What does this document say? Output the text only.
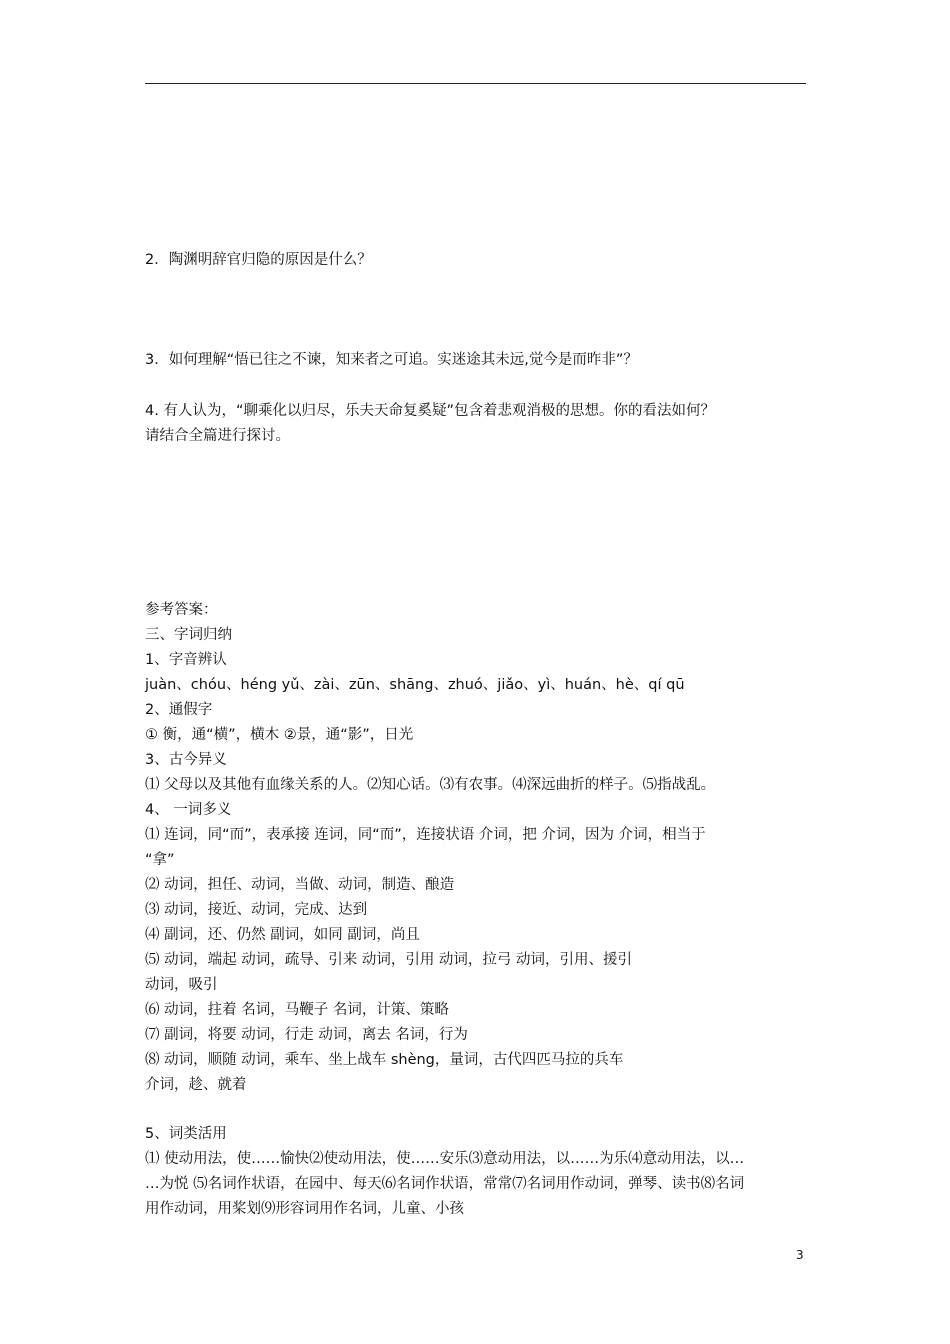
2．陶渊明辞官归隐的原因是什么？
3．如何理解“悟已往之不谏，知来者之可追。实迷途其未远,觉今是而昨非”？
4. 有人认为，“聊乘化以归尽，乐夫天命复奚疑”包含着悲观消极的思想。你的看法如何？
请结合全篇进行探讨。
参考答案：
三、字词归纳
1、字音辨认
juàn、chóu、héng yǔ、zài、zūn、shāng、zhuó、jiǎo、yì、huán、hè、qí qū
2、通假字
① 衡，通“横”，横木 ②景，通“影”，日光
3、古今异义
⑴ 父母以及其他有血缘关系的人。⑵知心话。⑶有农事。⑷深远曲折的样子。⑸指战乱。
4、 一词多义
⑴ 连词，同“而”，表承接 连词，同“而”，连接状语 介词，把 介词，因为 介词，相当于
“拿”
⑵ 动词，担任、动词，当做、动词，制造、酿造
⑶ 动词，接近、动词，完成、达到
⑷ 副词，还、仍然 副词，如同 副词，尚且
⑸ 动词，端起 动词，疏导、引来 动词，引用 动词，拉弓 动词，引用、援引
动词，吸引
⑹ 动词，拄着 名词，马鞭子 名词，计策、策略
⑺ 副词，将要 动词，行走 动词，离去 名词，行为
⑻ 动词，顺随 动词，乘车、坐上战车 shèng，量词，古代四匹马拉的兵车
介词，趁、就着
5、词类活用
⑴ 使动用法，使……愉快⑵使动用法，使……安乐⑶意动用法，以……为乐⑷意动用法，以…
…为悦 ⑸名词作状语，在园中、每天⑹名词作状语，常常⑺名词用作动词，弹琴、读书⑻名词
用作动词，用桨划⑼形容词用作名词，儿童、小孩
3
